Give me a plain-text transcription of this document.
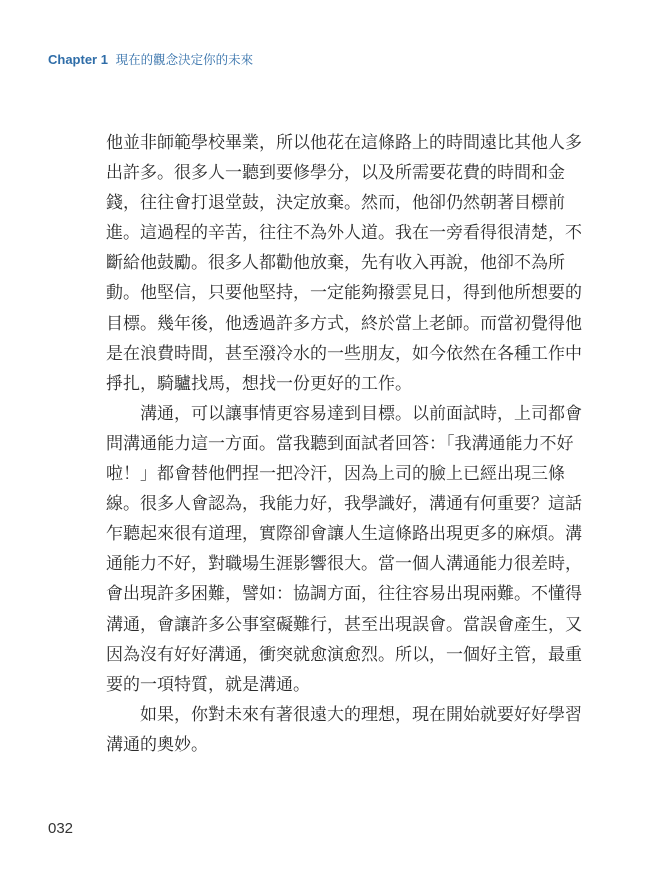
Chapter 1 現在的觀念決定你的未來
他並非師範學校畢業，所以他花在這條路上的時間遠比其他人多
出許多。很多人一聽到要修學分，以及所需要花費的時間和金
錢，往往會打退堂鼓，決定放棄。然而，他卻仍然朝著目標前
進。這過程的辛苦，往往不為外人道。我在一旁看得很清楚，不
斷給他鼓勵。很多人都勸他放棄，先有收入再說，他卻不為所
動。他堅信，只要他堅持，一定能夠撥雲見日，得到他所想要的
目標。幾年後，他透過許多方式，終於當上老師。而當初覺得他
是在浪費時間，甚至潑冷水的一些朋友，如今依然在各種工作中
掙扎，騎驢找馬，想找一份更好的工作。
溝通，可以讓事情更容易達到目標。以前面試時，上司都會
問溝通能力這一方面。當我聽到面試者回答：「我溝通能力不好
啦！」都會替他們捏一把冷汗，因為上司的臉上已經出現三條
線。很多人會認為，我能力好，我學識好，溝通有何重要？這話
乍聽起來很有道理，實際卻會讓人生這條路出現更多的麻煩。溝
通能力不好，對職場生涯影響很大。當一個人溝通能力很差時，
會出現許多困難，譬如：協調方面，往往容易出現兩難。不懂得
溝通，會讓許多公事窒礙難行，甚至出現誤會。當誤會產生，又
因為沒有好好溝通，衝突就愈演愈烈。所以，一個好主管，最重
要的一項特質，就是溝通。
如果，你對未來有著很遠大的理想，現在開始就要好好學習
溝通的奧妙。
032
